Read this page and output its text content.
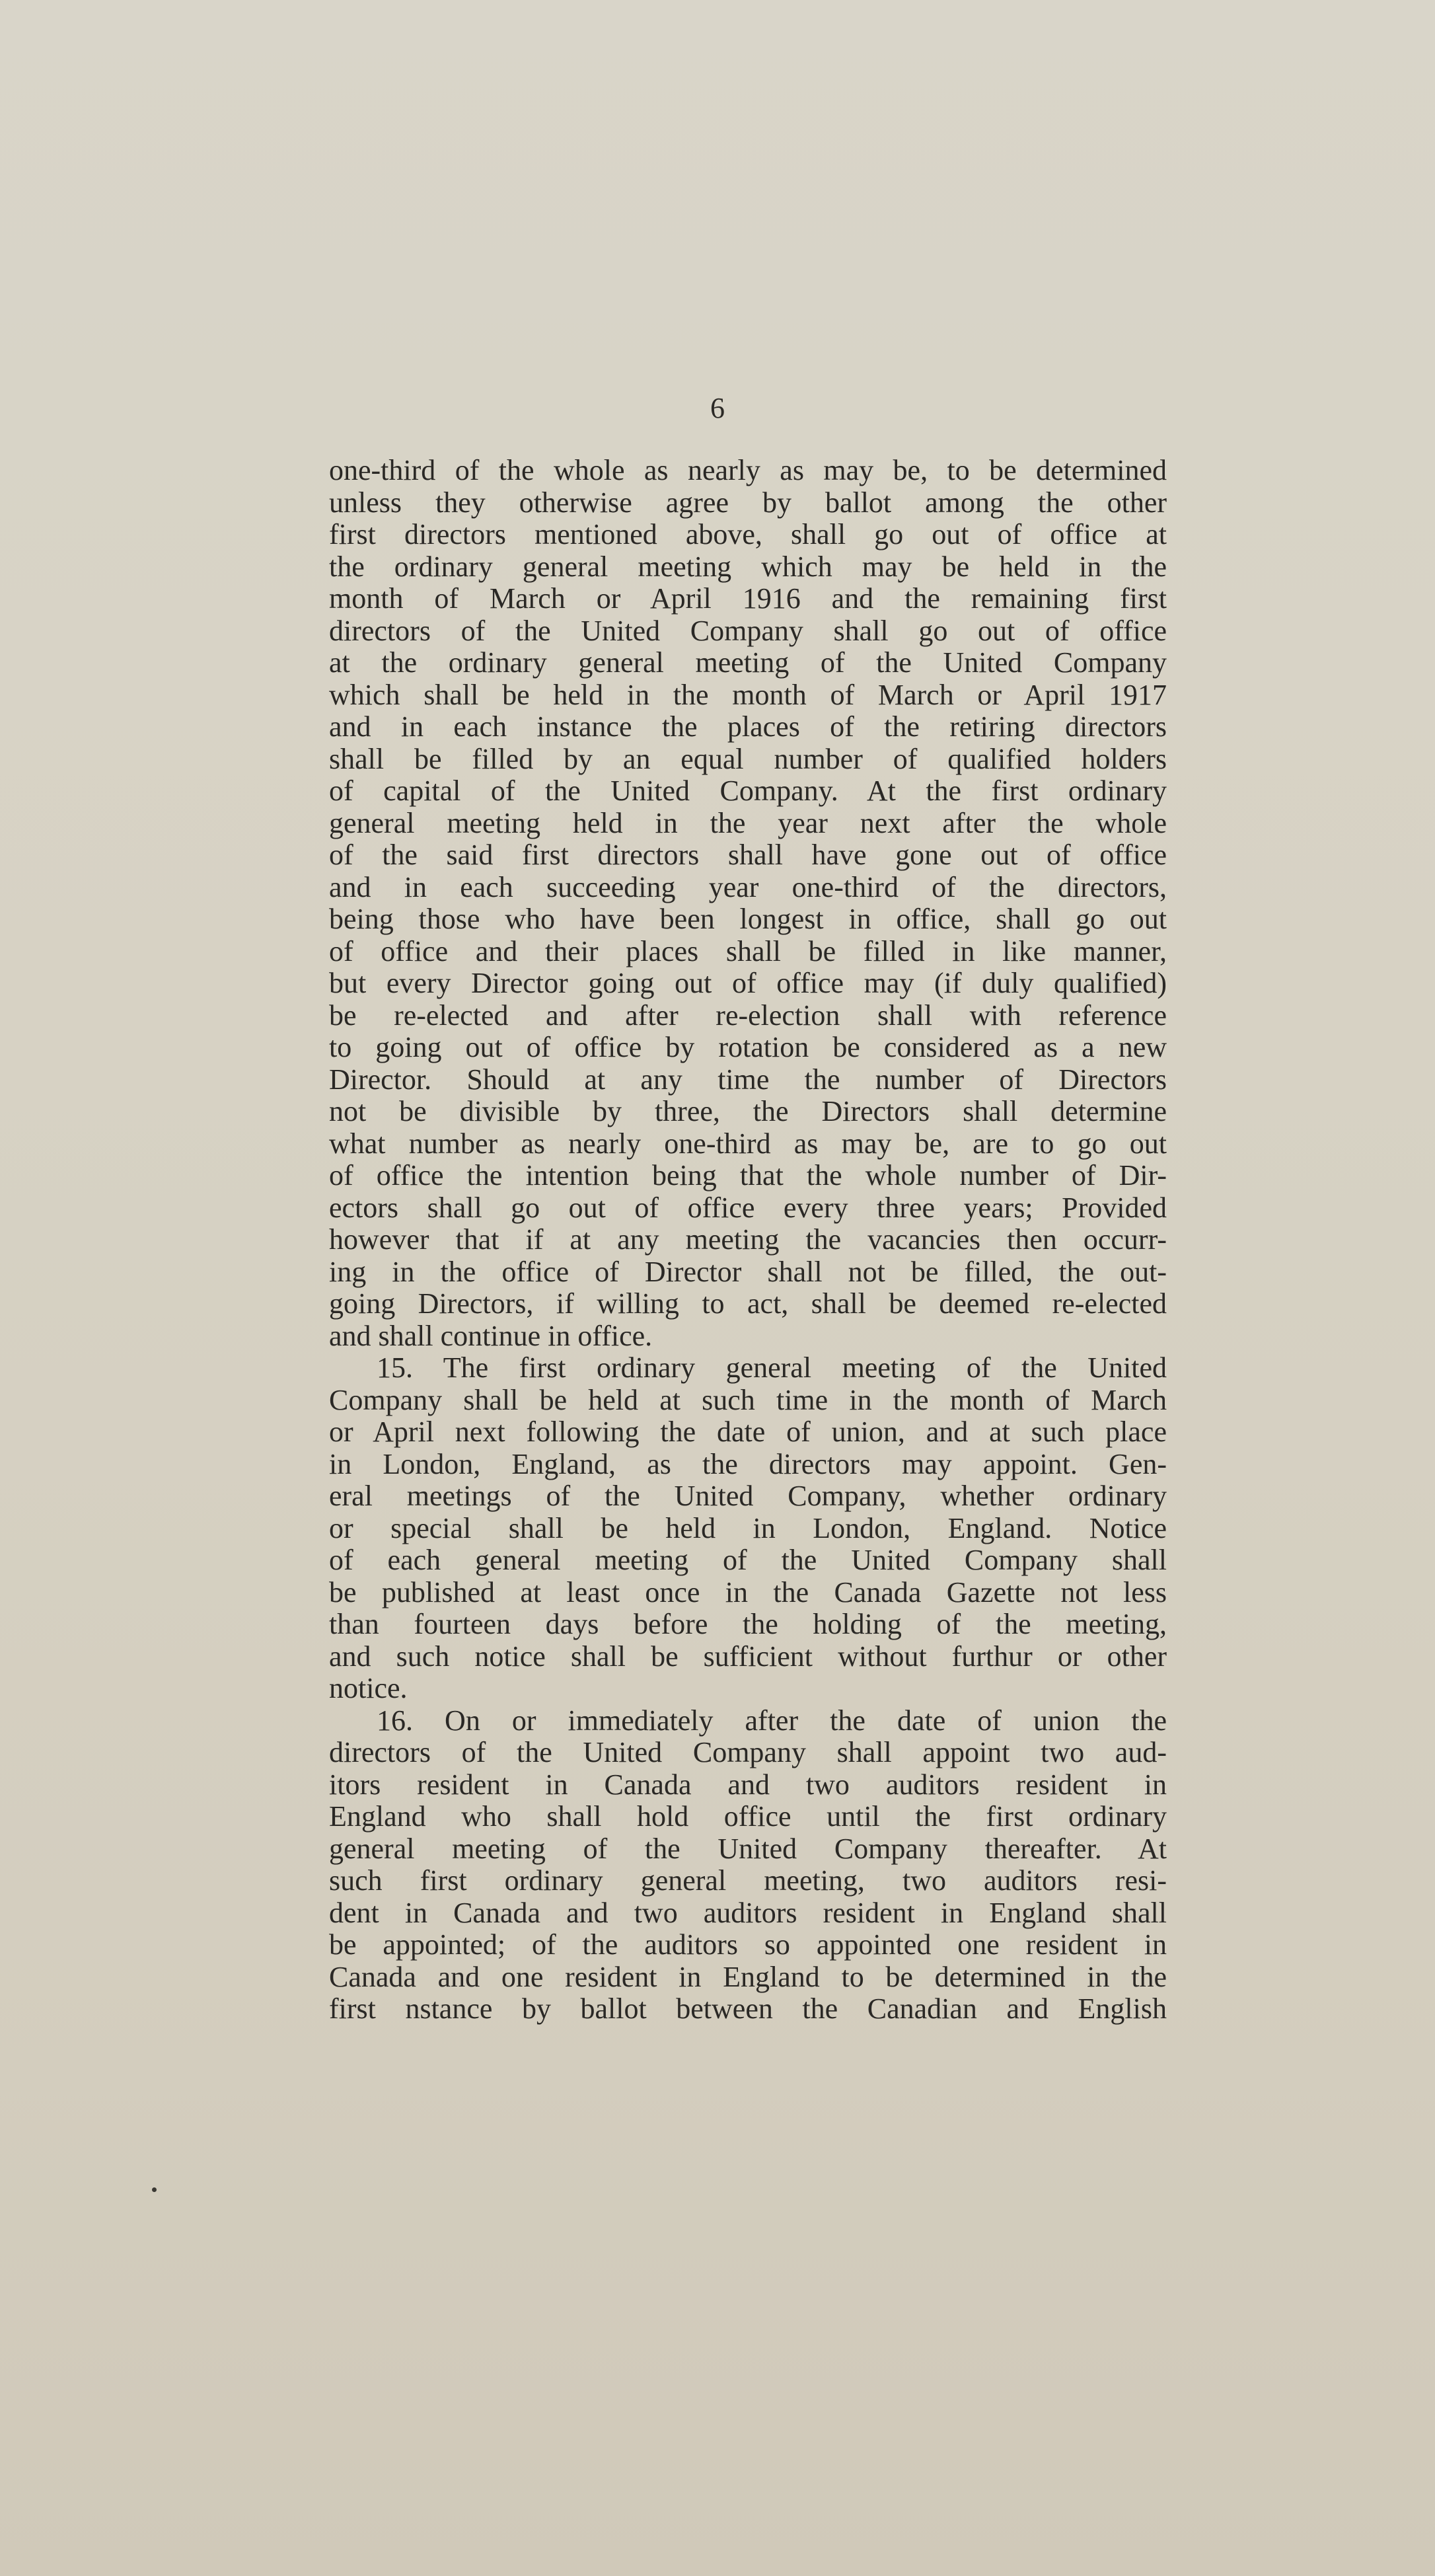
6
one-third of the whole as nearly as may be, to be determined
unless they otherwise agree by ballot among the other
first directors mentioned above, shall go out of office at
the ordinary general meeting which may be held in the
month of March or April 1916 and the remaining first
directors of the United Company shall go out of office
at the ordinary general meeting of the United Company
which shall be held in the month of March or April 1917
and in each instance the places of the retiring directors
shall be filled by an equal number of qualified holders
of capital of the United Company. At the first ordinary
general meeting held in the year next after the whole
of the said first directors shall have gone out of office
and in each succeeding year one-third of the directors,
being those who have been longest in office, shall go out
of office and their places shall be filled in like manner,
but every Director going out of office may (if duly qualified)
be re-elected and after re-election shall with reference
to going out of office by rotation be considered as a new
Director. Should at any time the number of Directors
not be divisible by three, the Directors shall determine
what number as nearly one-third as may be, are to go out
of office the intention being that the whole number of Dir-
ectors shall go out of office every three years; Provided
however that if at any meeting the vacancies then occurr-
ing in the office of Director shall not be filled, the out-
going Directors, if willing to act, shall be deemed re-elected
and shall continue in office.
15. The first ordinary general meeting of the United
Company shall be held at such time in the month of March
or April next following the date of union, and at such place
in London, England, as the directors may appoint. Gen-
eral meetings of the United Company, whether ordinary
or special shall be held in London, England. Notice
of each general meeting of the United Company shall
be published at least once in the Canada Gazette not less
than fourteen days before the holding of the meeting,
and such notice shall be sufficient without furthur or other
notice.
16. On or immediately after the date of union the
directors of the United Company shall appoint two aud-
itors resident in Canada and two auditors resident in
England who shall hold office until the first ordinary
general meeting of the United Company thereafter. At
such first ordinary general meeting, two auditors resi-
dent in Canada and two auditors resident in England shall
be appointed; of the auditors so appointed one resident in
Canada and one resident in England to be determined in the
first nstance by ballot between the Canadian and English
